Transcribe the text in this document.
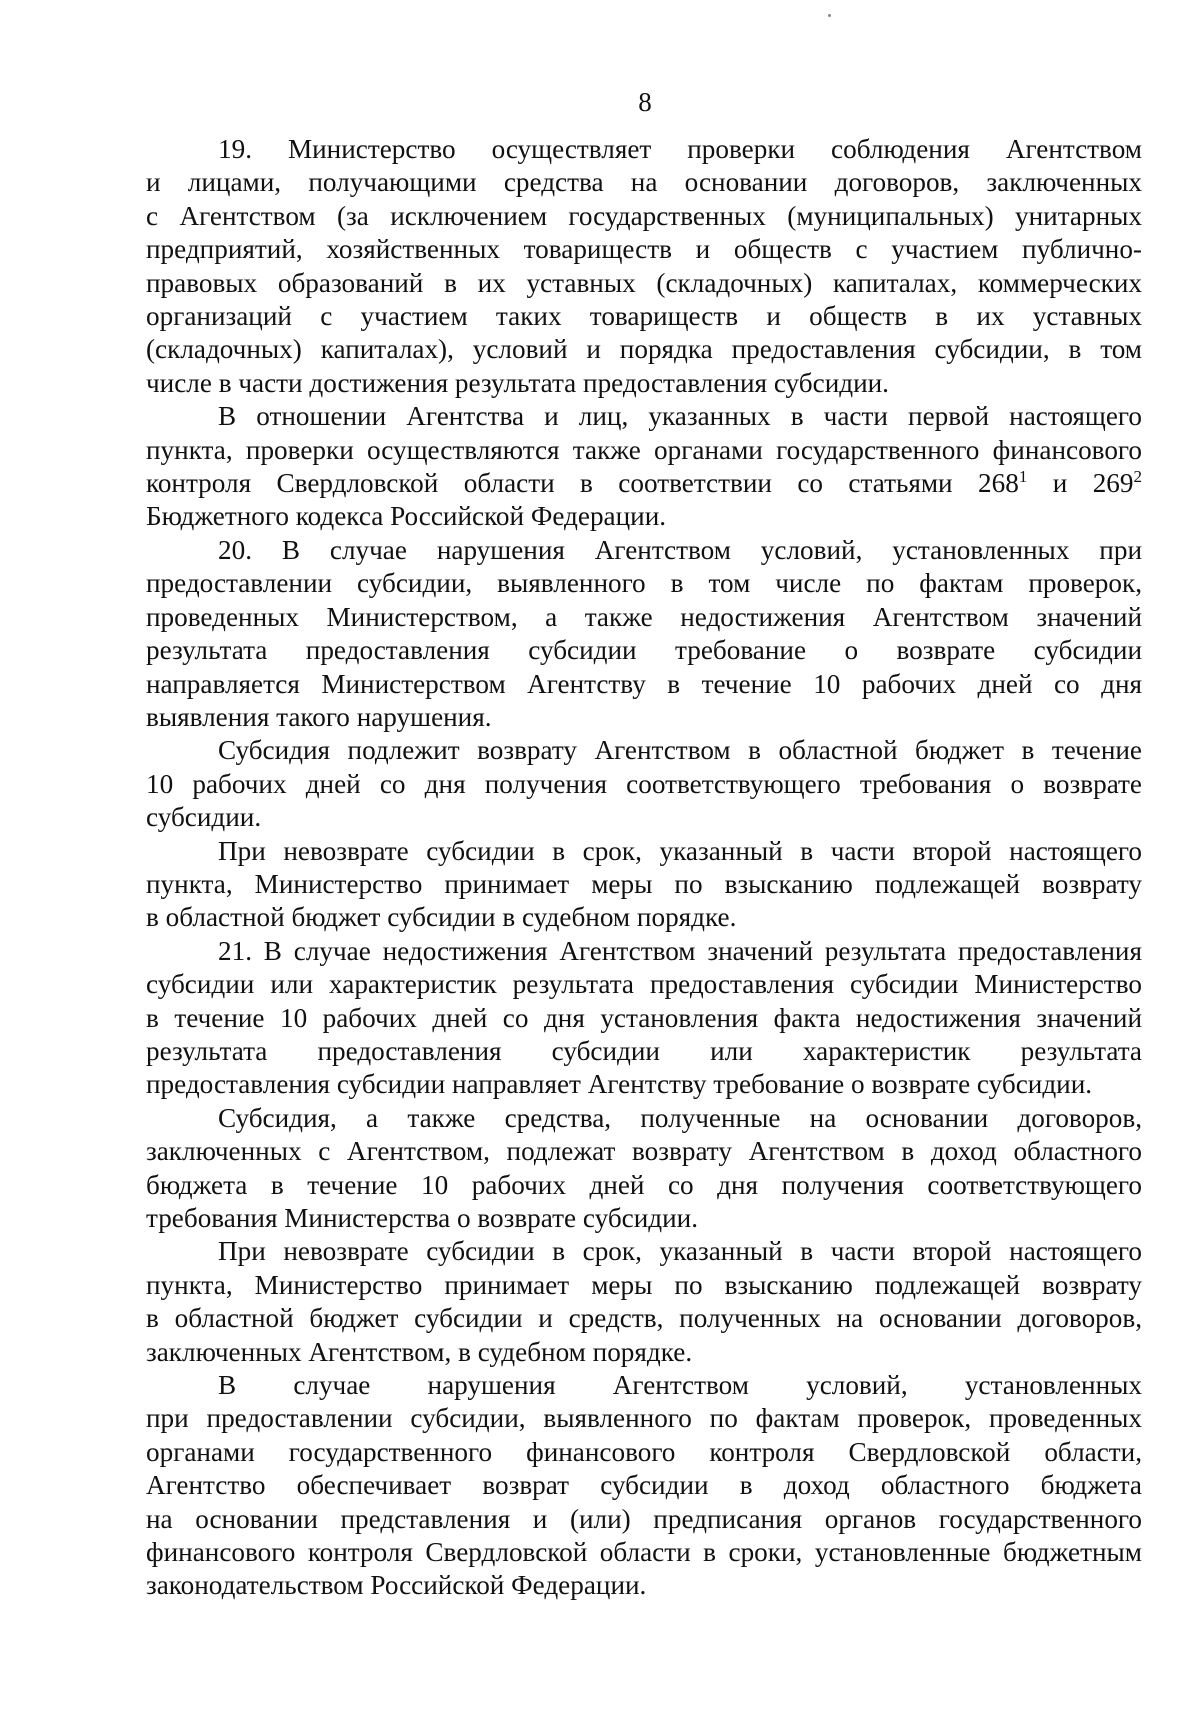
8

19. Министерство осуществляет проверки соблюдения Агентством
и лицами, получающими средства на основании договоров, заключенных
с Агентством (за исключением государственных (муниципальных) унитарных
предприятий, хозяйственных товариществ и обществ с участием публично-
правовых образований в их уставных (складочных) капиталах, коммерческих
организаций с участием таких товариществ и обществ в их уставных
(складочных) капиталах), условий и порядка предоставления субсидии, в том
числе в части достижения результата предоставления субсидии.

В отношении Агентства и лиц, указанных в части первой настоящего
пункта, проверки осуществляются также органами государственного финансового
контроля Свердловской области в соответствии со статьями $268^1$ и $269^2$
Бюджетного кодекса Российской Федерации.

20. В случае нарушения Агентством условий, установленных при
предоставлении субсидии, выявленного в том числе по фактам проверок,
проведенных Министерством, а также недостижения Агентством значений
результата предоставления субсидии требование о возврате субсидии
направляется Министерством Агентству в течение 10 рабочих дней со дня
выявления такого нарушения.

Субсидия подлежит возврату Агентством в областной бюджет в течение
10 рабочих дней со дня получения соответствующего требования о возврате
субсидии.

При невозврате субсидии в срок, указанный в части второй настоящего
пункта, Министерство принимает меры по взысканию подлежащей возврату
в областной бюджет субсидии в судебном порядке.

21. В случае недостижения Агентством значений результата предоставления
субсидии или характеристик результата предоставления субсидии Министерство
в течение 10 рабочих дней со дня установления факта недостижения значений
результата предоставления субсидии или характеристик результата
предоставления субсидии направляет Агентству требование о возврате субсидии.

Субсидия, а также средства, полученные на основании договоров,
заключенных с Агентством, подлежат возврату Агентством в доход областного
бюджета в течение 10 рабочих дней со дня получения соответствующего
требования Министерства о возврате субсидии.

При невозврате субсидии в срок, указанный в части второй настоящего
пункта, Министерство принимает меры по взысканию подлежащей возврату
в областной бюджет субсидии и средств, полученных на основании договоров,
заключенных Агентством, в судебном порядке.

В случае нарушения Агентством условий, установленных
при предоставлении субсидии, выявленного по фактам проверок, проведенных
органами государственного финансового контроля Свердловской области,
Агентство обеспечивает возврат субсидии в доход областного бюджета
на основании представления и (или) предписания органов государственного
финансового контроля Свердловской области в сроки, установленные бюджетным
законодательством Российской Федерации.
